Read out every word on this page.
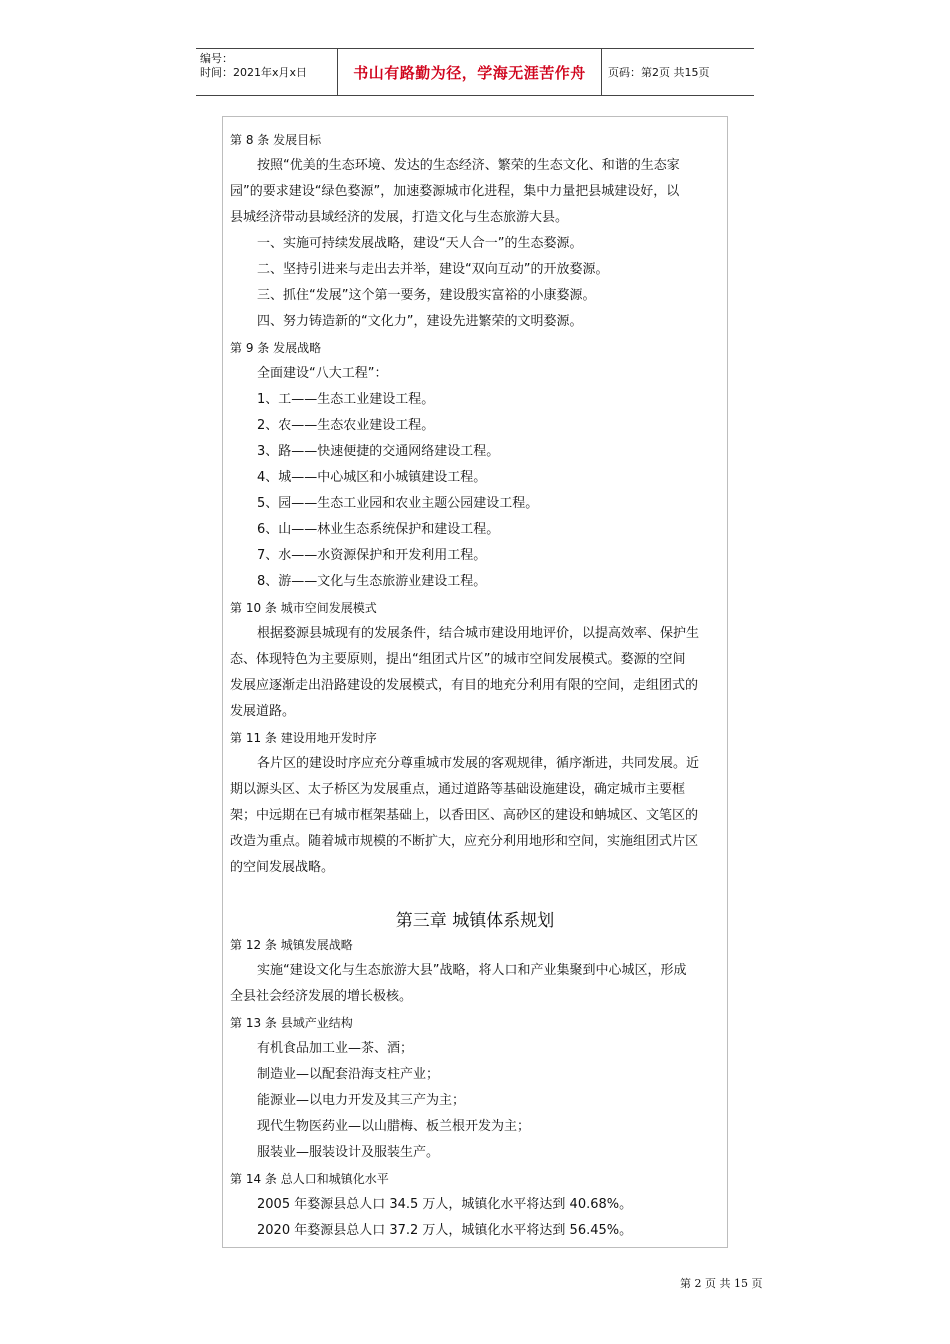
编号：
时间：2021年x月x日	书山有路勤为径，学海无涯苦作舟	页码：第2页 共15页
第 8 条 发展目标
按照“优美的生态环境、发达的生态经济、繁荣的生态文化、和谐的生态家
园”的要求建设“绿色婺源”，加速婺源城市化进程，集中力量把县城建设好，以
县城经济带动县域经济的发展，打造文化与生态旅游大县。
一、实施可持续发展战略，建设“天人合一”的生态婺源。
二、坚持引进来与走出去并举，建设“双向互动”的开放婺源。
三、抓住“发展”这个第一要务，建设殷实富裕的小康婺源。
四、努力铸造新的“文化力”，建设先进繁荣的文明婺源。
第 9 条 发展战略
全面建设“八大工程”：
1、工——生态工业建设工程。
2、农——生态农业建设工程。
3、路——快速便捷的交通网络建设工程。
4、城——中心城区和小城镇建设工程。
5、园——生态工业园和农业主题公园建设工程。
6、山——林业生态系统保护和建设工程。
7、水——水资源保护和开发利用工程。
8、游——文化与生态旅游业建设工程。
第 10 条 城市空间发展模式
根据婺源县城现有的发展条件，结合城市建设用地评价，以提高效率、保护生
态、体现特色为主要原则，提出“组团式片区”的城市空间发展模式。婺源的空间
发展应逐渐走出沿路建设的发展模式，有目的地充分利用有限的空间，走组团式的
发展道路。
第 11 条 建设用地开发时序
各片区的建设时序应充分尊重城市发展的客观规律，循序渐进，共同发展。近
期以源头区、太子桥区为发展重点，通过道路等基础设施建设，确定城市主要框
架；中远期在已有城市框架基础上，以香田区、高砂区的建设和蚺城区、文笔区的
改造为重点。随着城市规模的不断扩大，应充分利用地形和空间，实施组团式片区
的空间发展战略。
第三章 城镇体系规划
第 12 条 城镇发展战略
实施“建设文化与生态旅游大县”战略，将人口和产业集聚到中心城区，形成
全县社会经济发展的增长极核。
第 13 条 县域产业结构
有机食品加工业—茶、酒；
制造业—以配套沿海支柱产业；
能源业—以电力开发及其三产为主；
现代生物医药业—以山腊梅、板兰根开发为主；
服装业—服装设计及服装生产。
第 14 条 总人口和城镇化水平
2005 年婺源县总人口 34.5 万人，城镇化水平将达到 40.68%。
2020 年婺源县总人口 37.2 万人，城镇化水平将达到 56.45%。
第 2 页 共 15 页
